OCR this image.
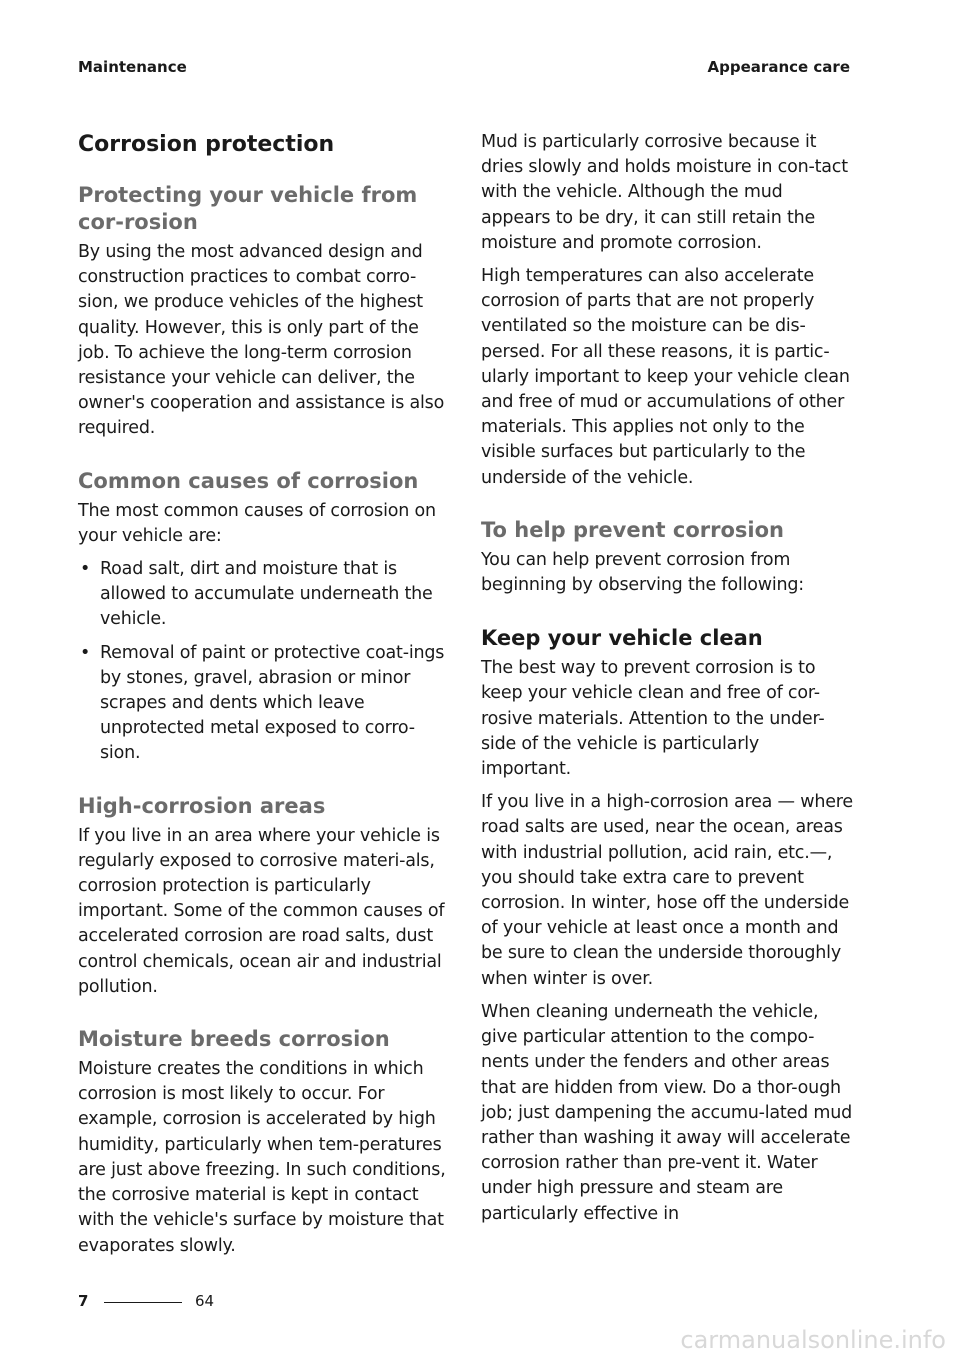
Maintenance	Appearance care
Corrosion protection
Protecting your vehicle from cor-rosion
By using the most advanced design and construction practices to combat corro-sion, we produce vehicles of the highest quality. However, this is only part of the job. To achieve the long-term corrosion resistance your vehicle can deliver, the owner's cooperation and assistance is also required.
Common causes of corrosion
The most common causes of corrosion on your vehicle are:
• Road salt, dirt and moisture that is allowed to accumulate underneath the vehicle.
• Removal of paint or protective coat-ings by stones, gravel, abrasion or minor scrapes and dents which leave unprotected metal exposed to corro-sion.
High-corrosion areas
If you live in an area where your vehicle is regularly exposed to corrosive materi-als, corrosion protection is particularly important. Some of the common causes of accelerated corrosion are road salts, dust control chemicals, ocean air and industrial pollution.
Moisture breeds corrosion
Moisture creates the conditions in which corrosion is most likely to occur. For example, corrosion is accelerated by high humidity, particularly when tem-peratures are just above freezing. In such conditions, the corrosive material is kept in contact with the vehicle's surface by moisture that evaporates slowly.
Mud is particularly corrosive because it dries slowly and holds moisture in con-tact with the vehicle. Although the mud appears to be dry, it can still retain the moisture and promote corrosion.
High temperatures can also accelerate corrosion of parts that are not properly ventilated so the moisture can be dis-persed. For all these reasons, it is partic-ularly important to keep your vehicle clean and free of mud or accumulations of other materials. This applies not only to the visible surfaces but particularly to the underside of the vehicle.
To help prevent corrosion
You can help prevent corrosion from beginning by observing the following:
Keep your vehicle clean
The best way to prevent corrosion is to keep your vehicle clean and free of cor-rosive materials. Attention to the under-side of the vehicle is particularly important.
If you live in a high-corrosion area — where road salts are used, near the ocean, areas with industrial pollution, acid rain, etc.—, you should take extra care to prevent corrosion. In winter, hose off the underside of your vehicle at least once a month and be sure to clean the underside thoroughly when winter is over.
When cleaning underneath the vehicle, give particular attention to the compo-nents under the fenders and other areas that are hidden from view. Do a thor-ough job; just dampening the accumu-lated mud rather than washing it away will accelerate corrosion rather than pre-vent it. Water under high pressure and steam are particularly effective in
7	64
carmanualsonline.info
